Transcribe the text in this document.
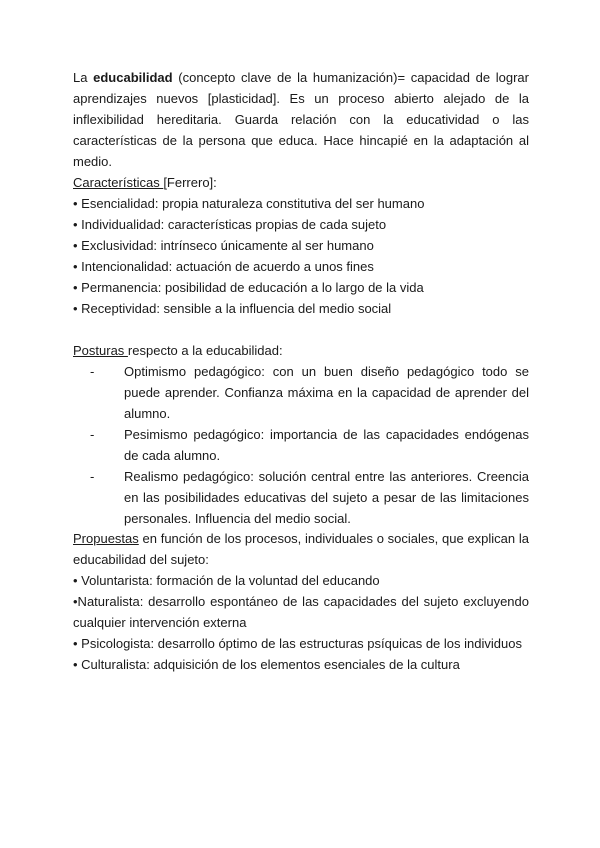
La educabilidad (concepto clave de la humanización)= capacidad de lograr aprendizajes nuevos [plasticidad]. Es un proceso abierto alejado de la inflexibilidad hereditaria. Guarda relación con la educatividad o las características de la persona que educa. Hace hincapié en la adaptación al medio.

Características [Ferrero]:
• Esencialidad: propia naturaleza constitutiva del ser humano
• Individualidad: características propias de cada sujeto
• Exclusividad: intrínseco únicamente al ser humano
• Intencionalidad: actuación de acuerdo a unos fines
• Permanencia: posibilidad de educación a lo largo de la vida
• Receptividad: sensible a la influencia del medio social
Posturas respecto a la educabilidad:
-	Optimismo pedagógico: con un buen diseño pedagógico todo se puede aprender. Confianza máxima en la capacidad de aprender del alumno.
-	Pesimismo pedagógico: importancia de las capacidades endógenas de cada alumno.
-	Realismo pedagógico: solución central entre las anteriores. Creencia en las posibilidades educativas del sujeto a pesar de las limitaciones personales. Influencia del medio social.

Propuestas en función de los procesos, individuales o sociales, que explican la educabilidad del sujeto:

• Voluntarista: formación de la voluntad del educando

•Naturalista: desarrollo espontáneo de las capacidades del sujeto excluyendo cualquier intervención externa

• Psicologista: desarrollo óptimo de las estructuras psíquicas de los individuos

• Culturalista: adquisición de los elementos esenciales de la cultura
